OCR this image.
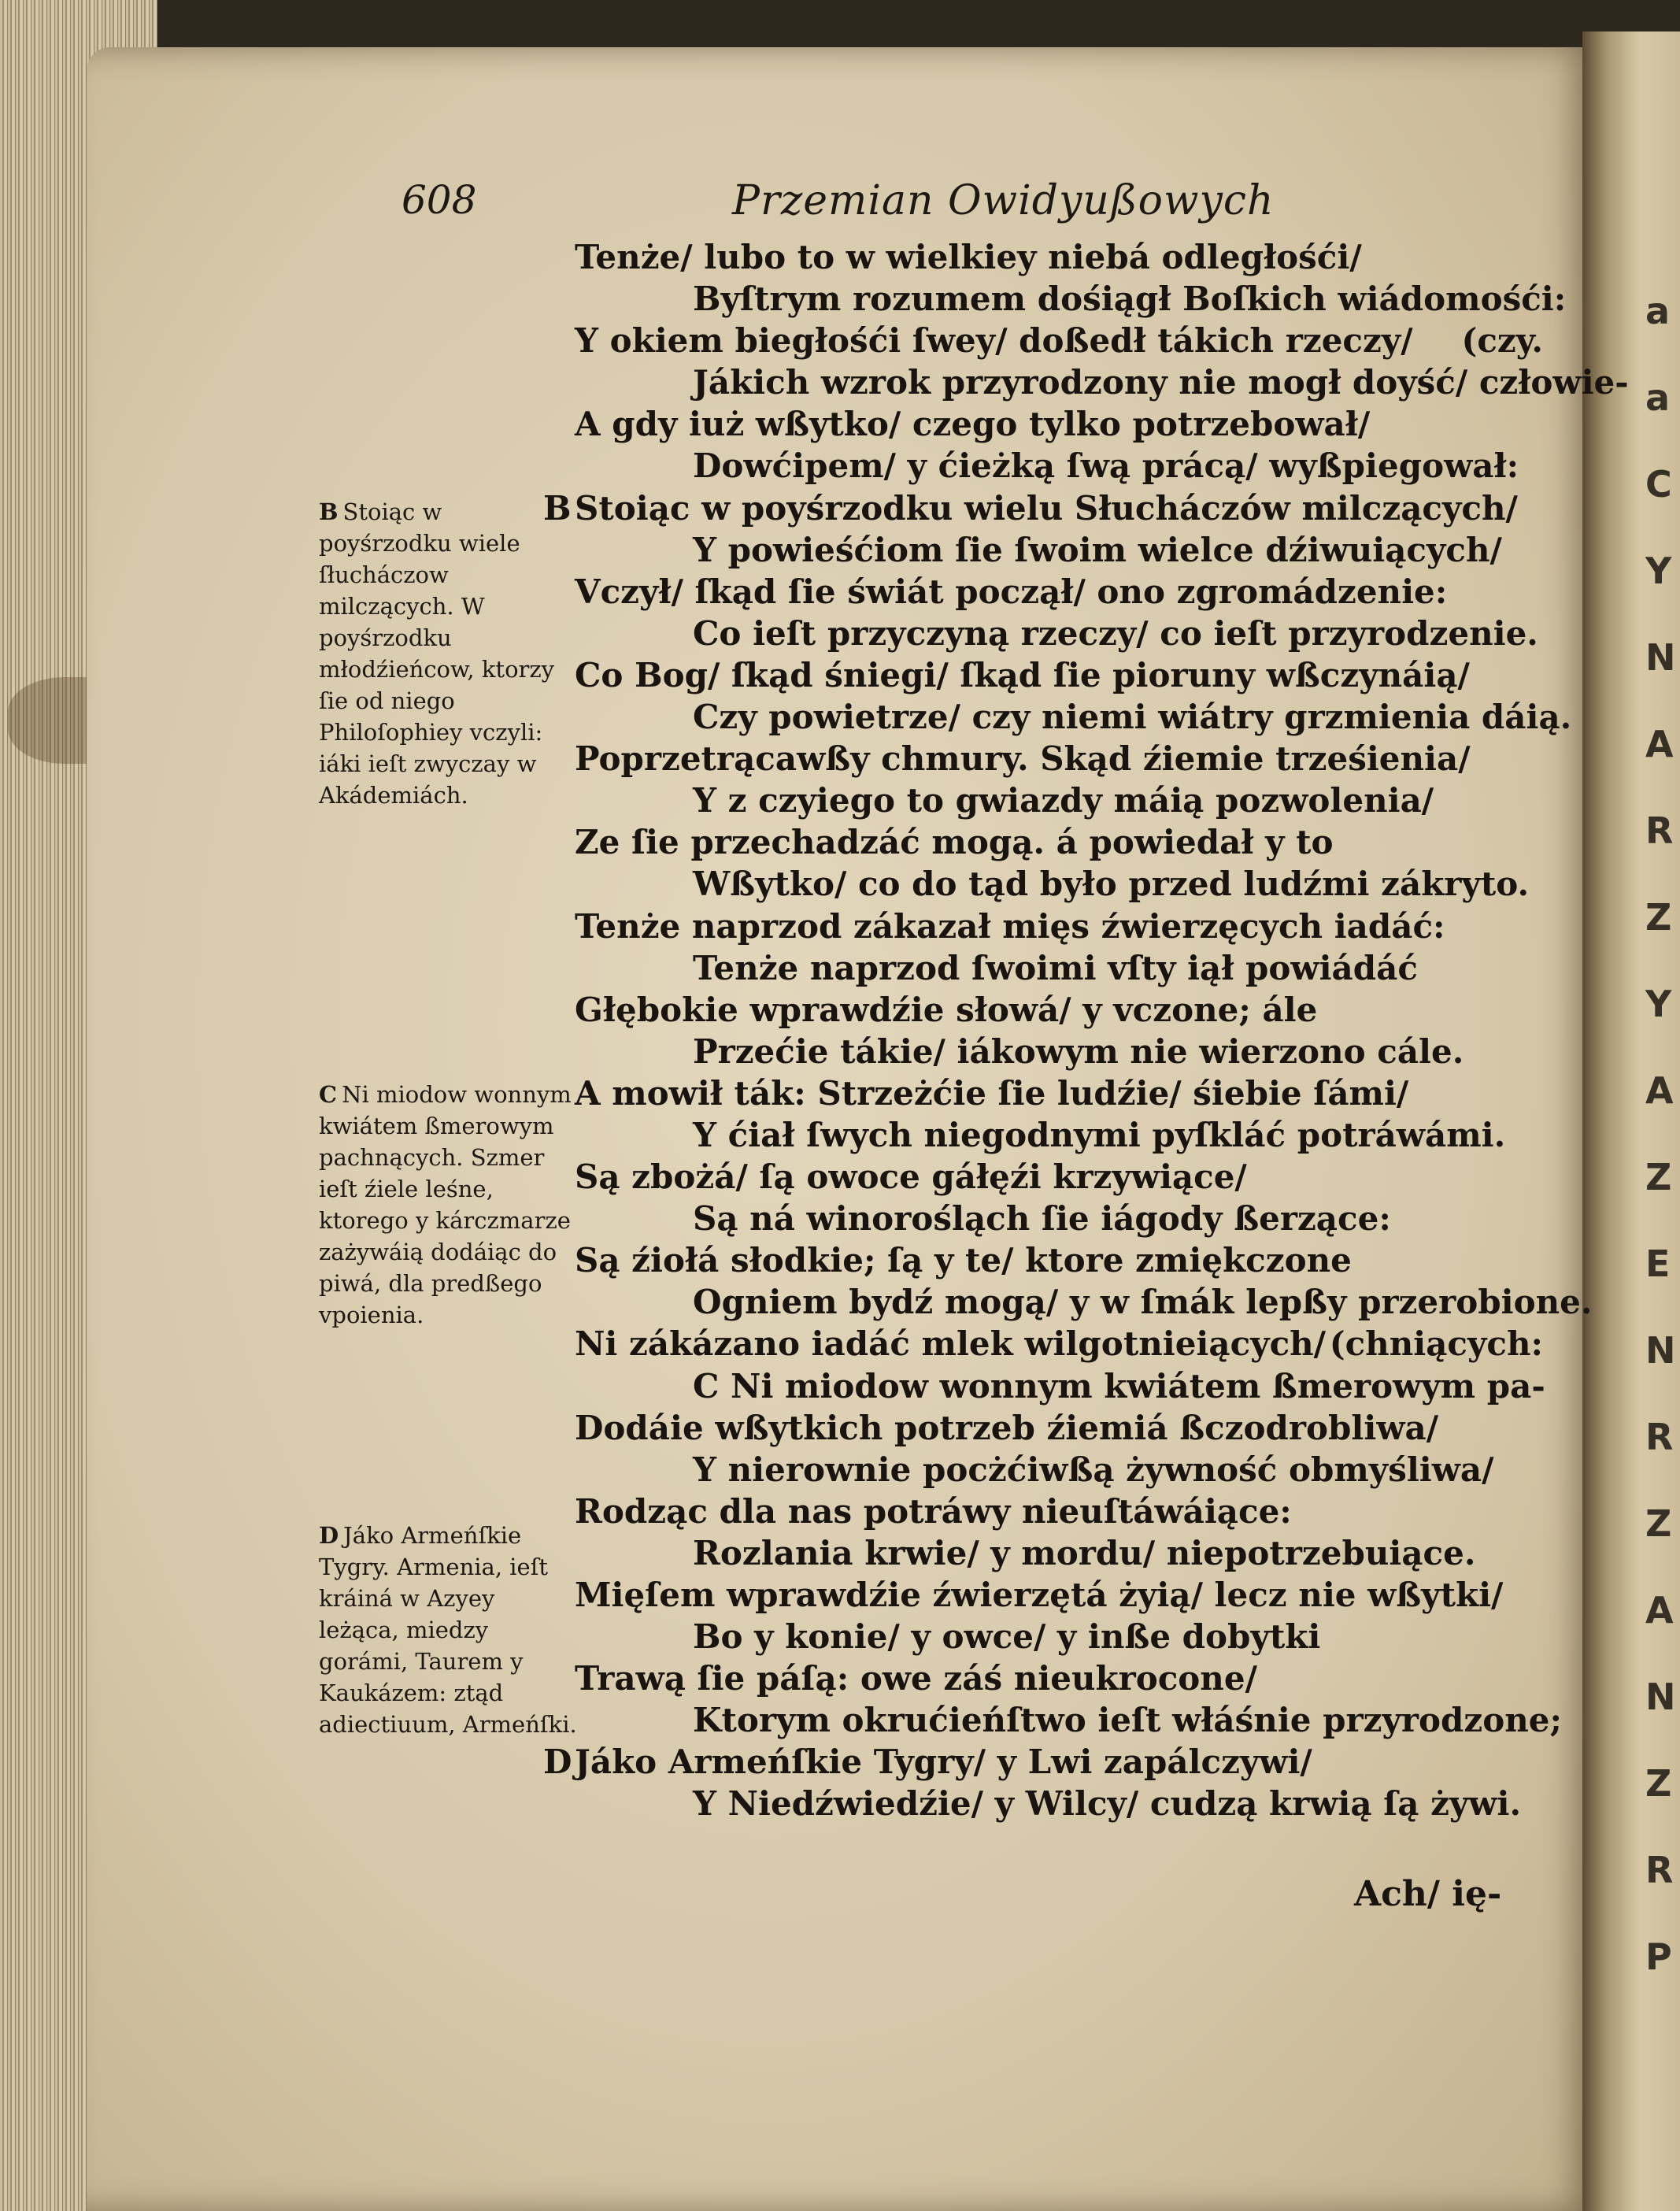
a
a
C
Y
N
A
R
Z
Y
A
Z
E
N
R
Z
A
N
Z
R
P
608	Przemian Owidyußowych
Tenże/ lubo to w wielkiey niebá odległośći/
Byſtrym rozumem dośiągł Boſkich wiádomośći:
Y okiem biegłośći ſwey/ doßedł tákich rzeczy/ (czy.
Jákich wzrok przyrodzony nie mogł doyść/ człowie-
A gdy iuż wßytko/ czego tylko potrzebował/
Dowćipem/ y ćieżką ſwą prácą/ wyßpiegował:
B Stoiąc w poyśrzodku wielu Słucháczów milczących/
Y powieśćiom ſie ſwoim wielce dźiwuiących/
Vczył/ ſkąd ſie świát począł/ ono zgromádzenie:
Co ieſt przyczyną rzeczy/ co ieſt przyrodzenie.
Co Bog/ ſkąd śniegi/ ſkąd ſie pioruny wßczynáią/
Czy powietrze/ czy niemi wiátry grzmienia dáią.
Poprzetrącawßy chmury. Skąd źiemie trześienia/
Y z czyiego to gwiazdy máią pozwolenia/
Ze ſie przechadzáć mogą. á powiedał y to
Wßytko/ co do tąd było przed ludźmi zákryto.
Tenże naprzod zákazał mięs źwierzęcych iadáć:
Tenże naprzod ſwoimi vſty iął powiádáć
Głębokie wprawdźie słowá/ y vczone; ále
Przećie tákie/ iákowym nie wierzono cále.
A mowił ták: Strzeżćie ſie ludźie/ śiebie ſámi/
Y ćiał ſwych niegodnymi pyſkláć potráwámi.
Są zbożá/ ſą owoce gáłęźi krzywiące/
Są ná winorośląch ſie iágody ßerzące:
Są źiołá słodkie; ſą y te/ ktore zmiękczone
Ogniem bydź mogą/ y w ſmák lepßy przerobione.
Ni zákázano iadáć mlek wilgotnieiących/ (chniących:
C Ni miodow wonnym kwiátem ßmerowym pa-
Dodáie wßytkich potrzeb źiemiá ßczodrobliwa/
Y nierownie pocżćiwßą żywność obmyśliwa/
Rodząc dla nas potráwy nieuſtáwáiące:
Rozlania krwie/ y mordu/ niepotrzebuiące.
Mięſem wprawdźie źwierzętá żyią/ lecz nie wßytki/
Bo y konie/ y owce/ y inße dobytki
Trawą ſie páſą: owe záś nieukrocone/
Ktorym okrućieńſtwo ieſt włáśnie przyrodzone;
D Jáko Armeńſkie Tygry/ y Lwi zapálczywi/
Y Niedźwiedźie/ y Wilcy/ cudzą krwią ſą żywi.
B Stoiąc w poyśrzodku wiele ſłucháczow milczących. W poyśrzodku młodźieńcow, ktorzy ſie od niego Philoſophiey vczyli: iáki ieſt zwyczay w Akádemiách.
C Ni miodow wonnym kwiátem ßmerowym pachnących. Szmer ieſt źiele leśne, ktorego y kárczmarze zażywáią dodáiąc do piwá, dla predßego vpoienia.
D Jáko Armeńſkie Tygry. Armenia, ieſt kráiná w Azyey leżąca, miedzy gorámi, Taurem y Kaukázem: ztąd adiectiuum, Armeńſki.
Ach/ ię-
